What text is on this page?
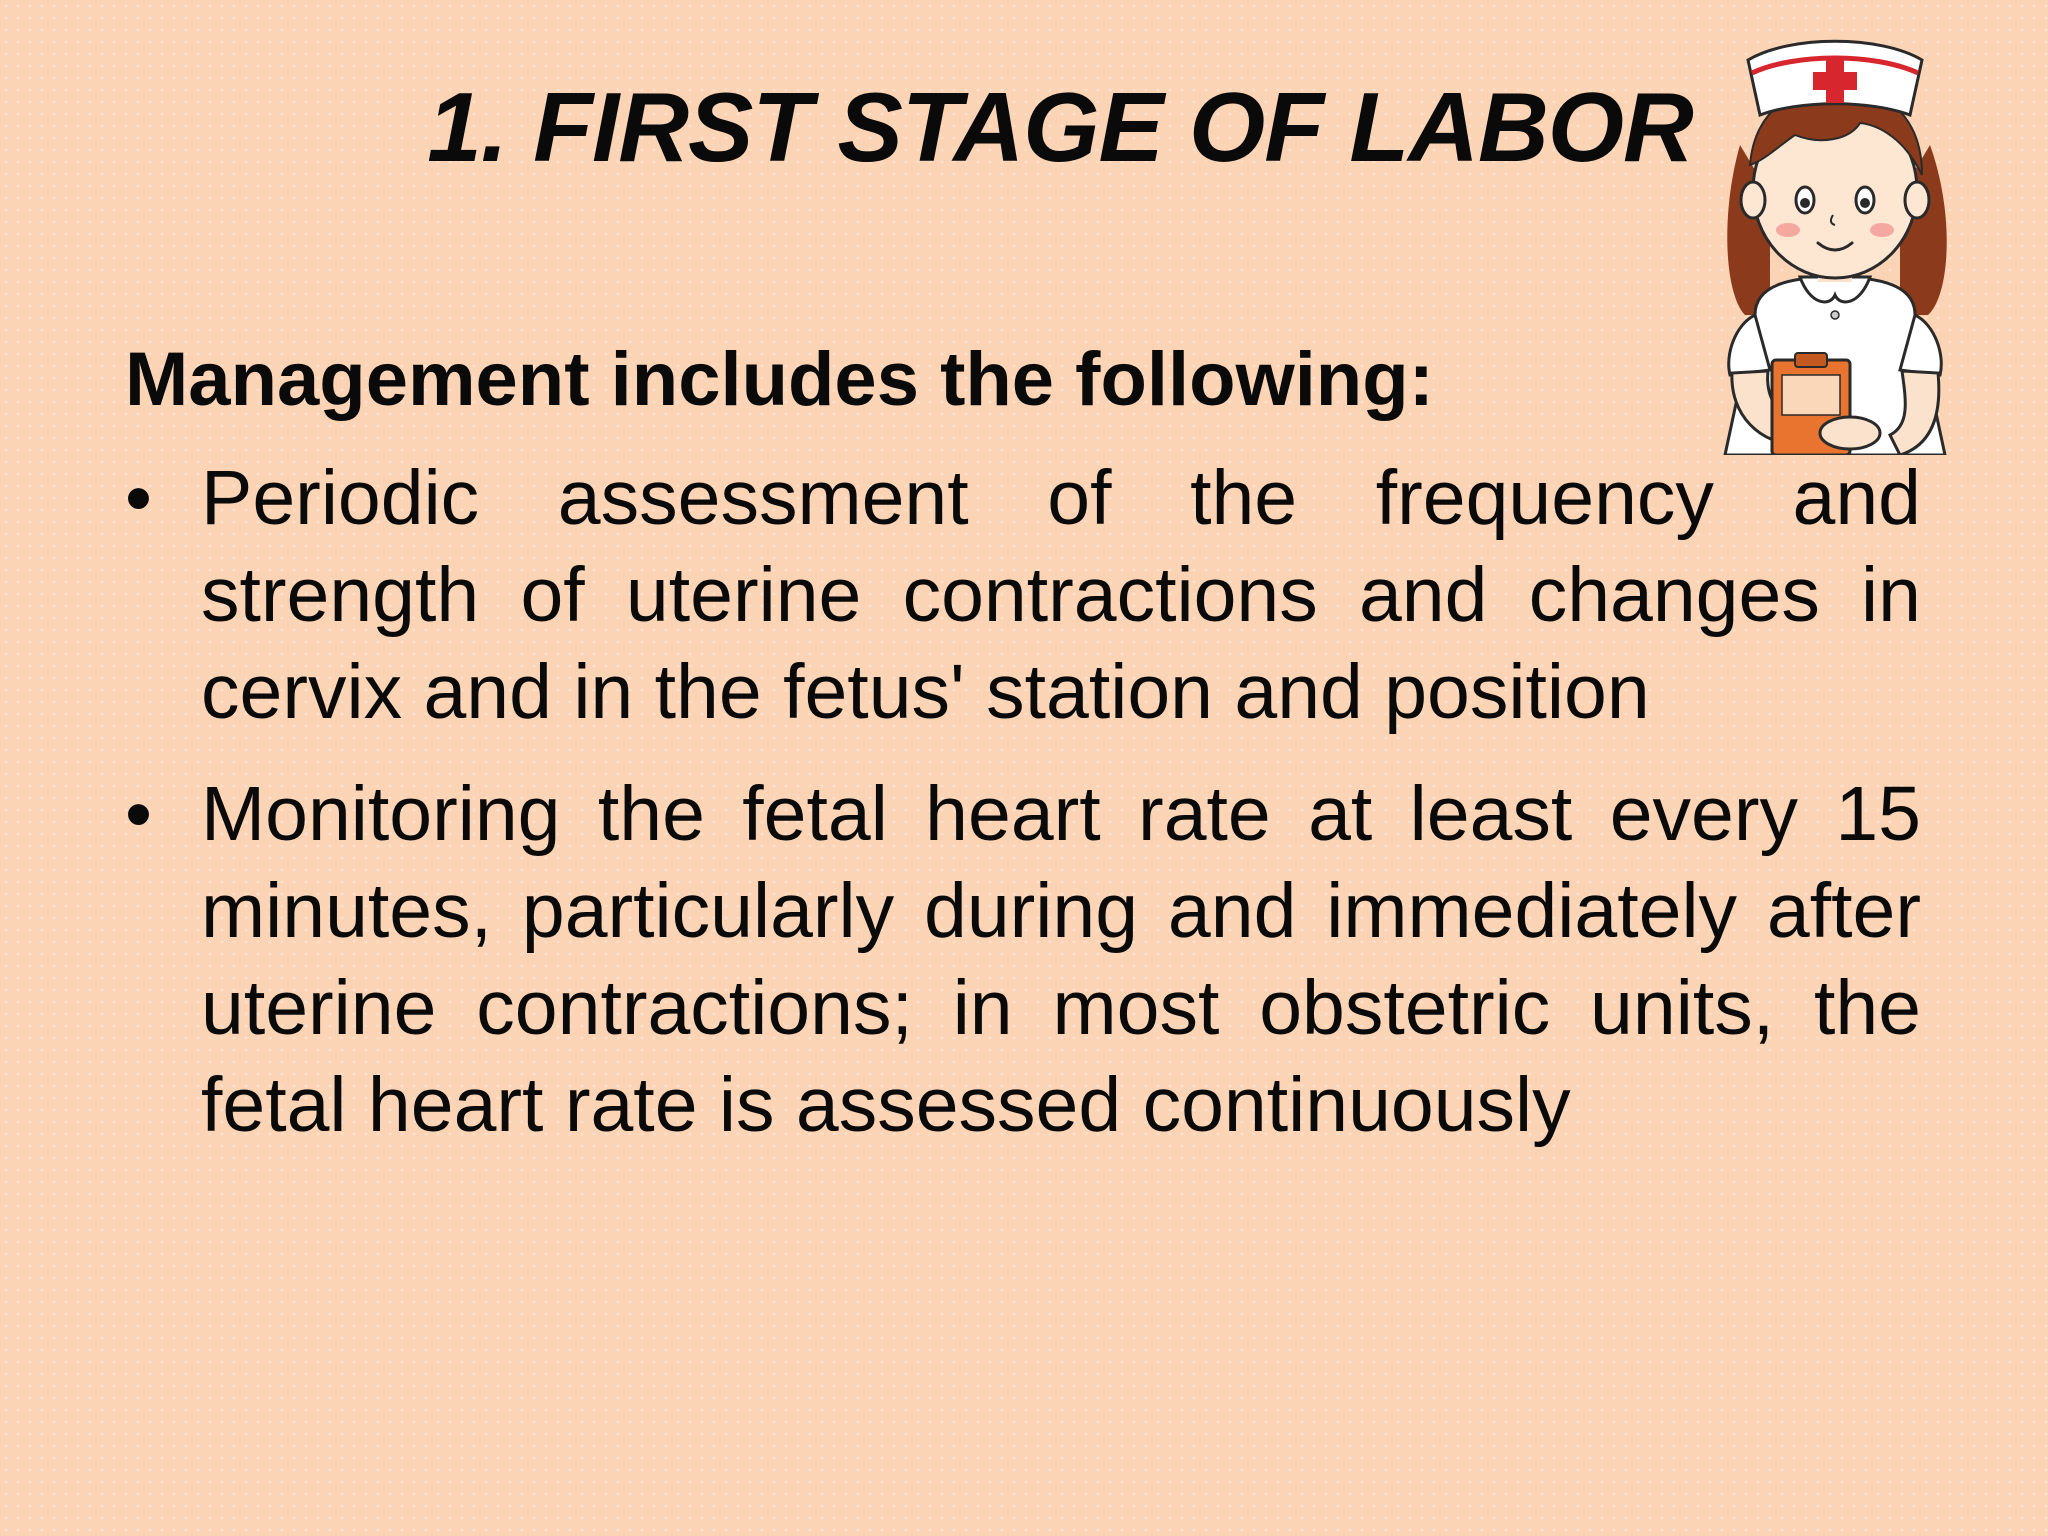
1. FIRST STAGE OF LABOR

Management includes the following:

• Periodic assessment of the frequency and strength of uterine contractions and changes in cervix and in the fetus' station and position
• Monitoring the fetal heart rate at least every 15 minutes, particularly during and immediately after uterine contractions; in most obstetric units, the fetal heart rate is assessed continuously
